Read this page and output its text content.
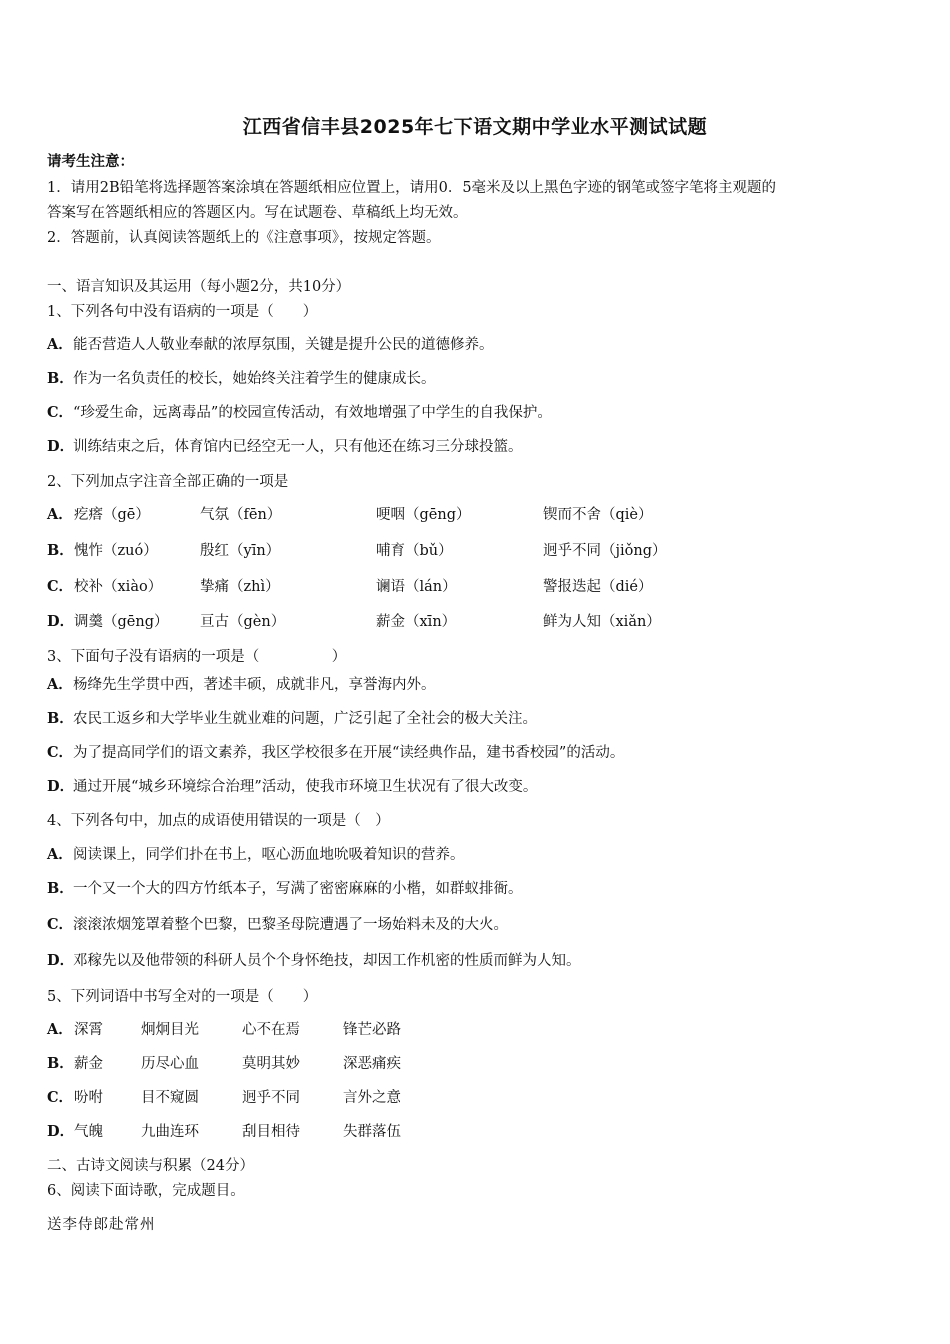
江西省信丰县2025年七下语文期中学业水平测试试题
请考生注意：
1．请用2B铅笔将选择题答案涂填在答题纸相应位置上，请用0．5毫米及以上黑色字迹的钢笔或签字笔将主观题的
答案写在答题纸相应的答题区内。写在试题卷、草稿纸上均无效。
2．答题前，认真阅读答题纸上的《注意事项》，按规定答题。
一、语言知识及其运用（每小题2分，共10分）
1、下列各句中没有语病的一项是（　　）
A．能否营造人人敬业奉献的浓厚氛围，关键是提升公民的道德修养。
B．作为一名负责任的校长，她始终关注着学生的健康成长。
C．“珍爱生命，远离毒品”的校园宣传活动，有效地增强了中学生的自我保护。
D．训练结束之后，体育馆内已经空无一人，只有他还在练习三分球投篮。
2、下列加点字注音全部正确的一项是
A． 疙瘩（gē）	气氛（fēn）	哽咽（gēng）	锲而不舍（qiè）
B． 愧怍（zuó）	殷红（yīn）	哺育（bǔ）	迥乎不同（jiǒng）
C． 校补（xiào）	挚痛（zhì）	谰语（lán）	警报迭起（dié）
D． 调羹（gēng） 亘古（gèn）	薪金（xīn）	鲜为人知（xiǎn）
3、下面句子没有语病的一项是（　　　　　）
A．杨绛先生学贯中西，著述丰硕，成就非凡，享誉海内外。
B．农民工返乡和大学毕业生就业难的问题，广泛引起了全社会的极大关注。
C．为了提高同学们的语文素养，我区学校很多在开展“读经典作品，建书香校园”的活动。
D．通过开展“城乡环境综合治理”活动，使我市环境卫生状况有了很大改变。
4、下列各句中，加点的成语使用错误的一项是（　）
A．阅读课上，同学们扑在书上，呕心沥血地吮吸着知识的营养。
B．一个又一个大的四方竹纸本子，写满了密密麻麻的小楷，如群蚁排衙。
C．滚滚浓烟笼罩着整个巴黎，巴黎圣母院遭遇了一场始料未及的大火。
D．邓稼先以及他带领的科研人员个个身怀绝技，却因工作机密的性质而鲜为人知。
5、下列词语中书写全对的一项是（　　）
A． 深霄	炯炯目光	心不在焉	锋芒必路
B． 薪金	历尽心血	莫明其妙	深恶痛疾
C． 吩咐	目不窥圆	迥乎不同	言外之意
D． 气魄	九曲连环	刮目相待	失群落伍
二、古诗文阅读与积累（24分）
6、阅读下面诗歌，完成题目。
送李侍郎赴常州
